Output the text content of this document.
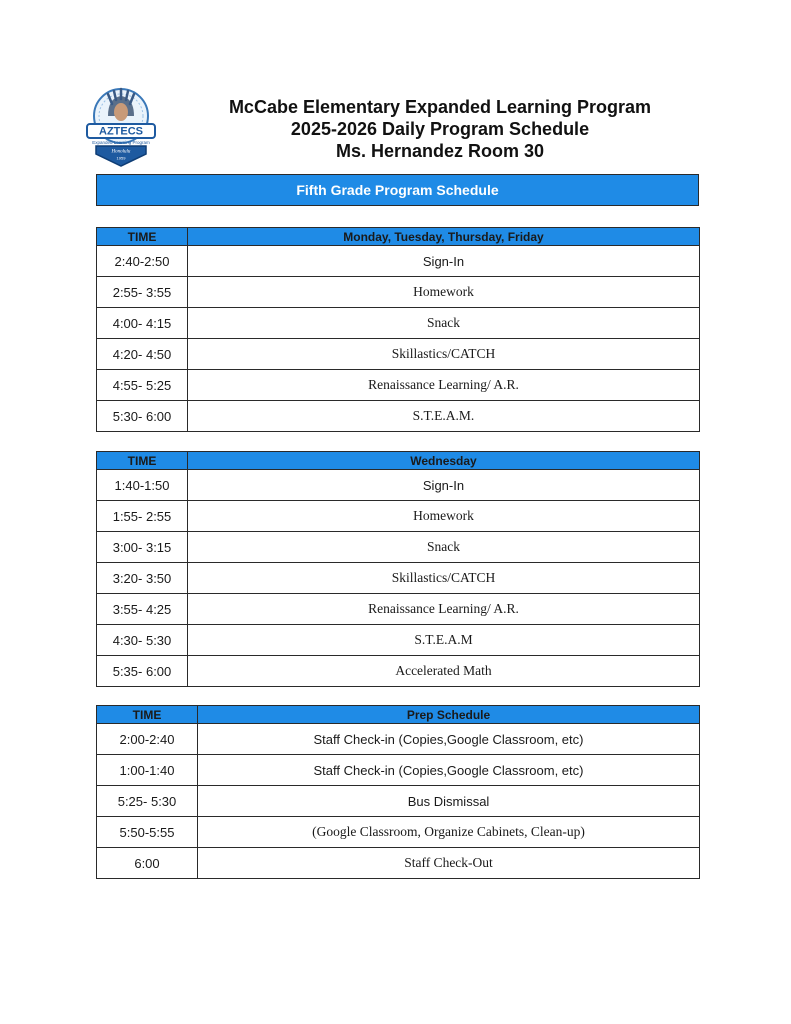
AZTECS
Expanded Learning Program
Honolulu
1959
McCabe Elementary Expanded Learning Program
2025-2026 Daily Program Schedule
Ms. Hernandez Room 30
Fifth Grade Program Schedule
TIME	Monday, Tuesday, Thursday, Friday
2:40-2:50	Sign-In
2:55- 3:55	Homework
4:00- 4:15	Snack
4:20- 4:50	Skillastics/CATCH
4:55- 5:25	Renaissance Learning/ A.R.
5:30- 6:00	S.T.E.A.M.
TIME	Wednesday
1:40-1:50	Sign-In
1:55- 2:55	Homework
3:00- 3:15	Snack
3:20- 3:50	Skillastics/CATCH
3:55- 4:25	Renaissance Learning/ A.R.
4:30- 5:30	S.T.E.A.M
5:35- 6:00	Accelerated Math
TIME	Prep Schedule
2:00-2:40	Staff Check-in (Copies,Google Classroom, etc)
1:00-1:40	Staff Check-in (Copies,Google Classroom, etc)
5:25- 5:30	Bus Dismissal
5:50-5:55	(Google Classroom, Organize Cabinets, Clean-up)
6:00	Staff Check-Out
